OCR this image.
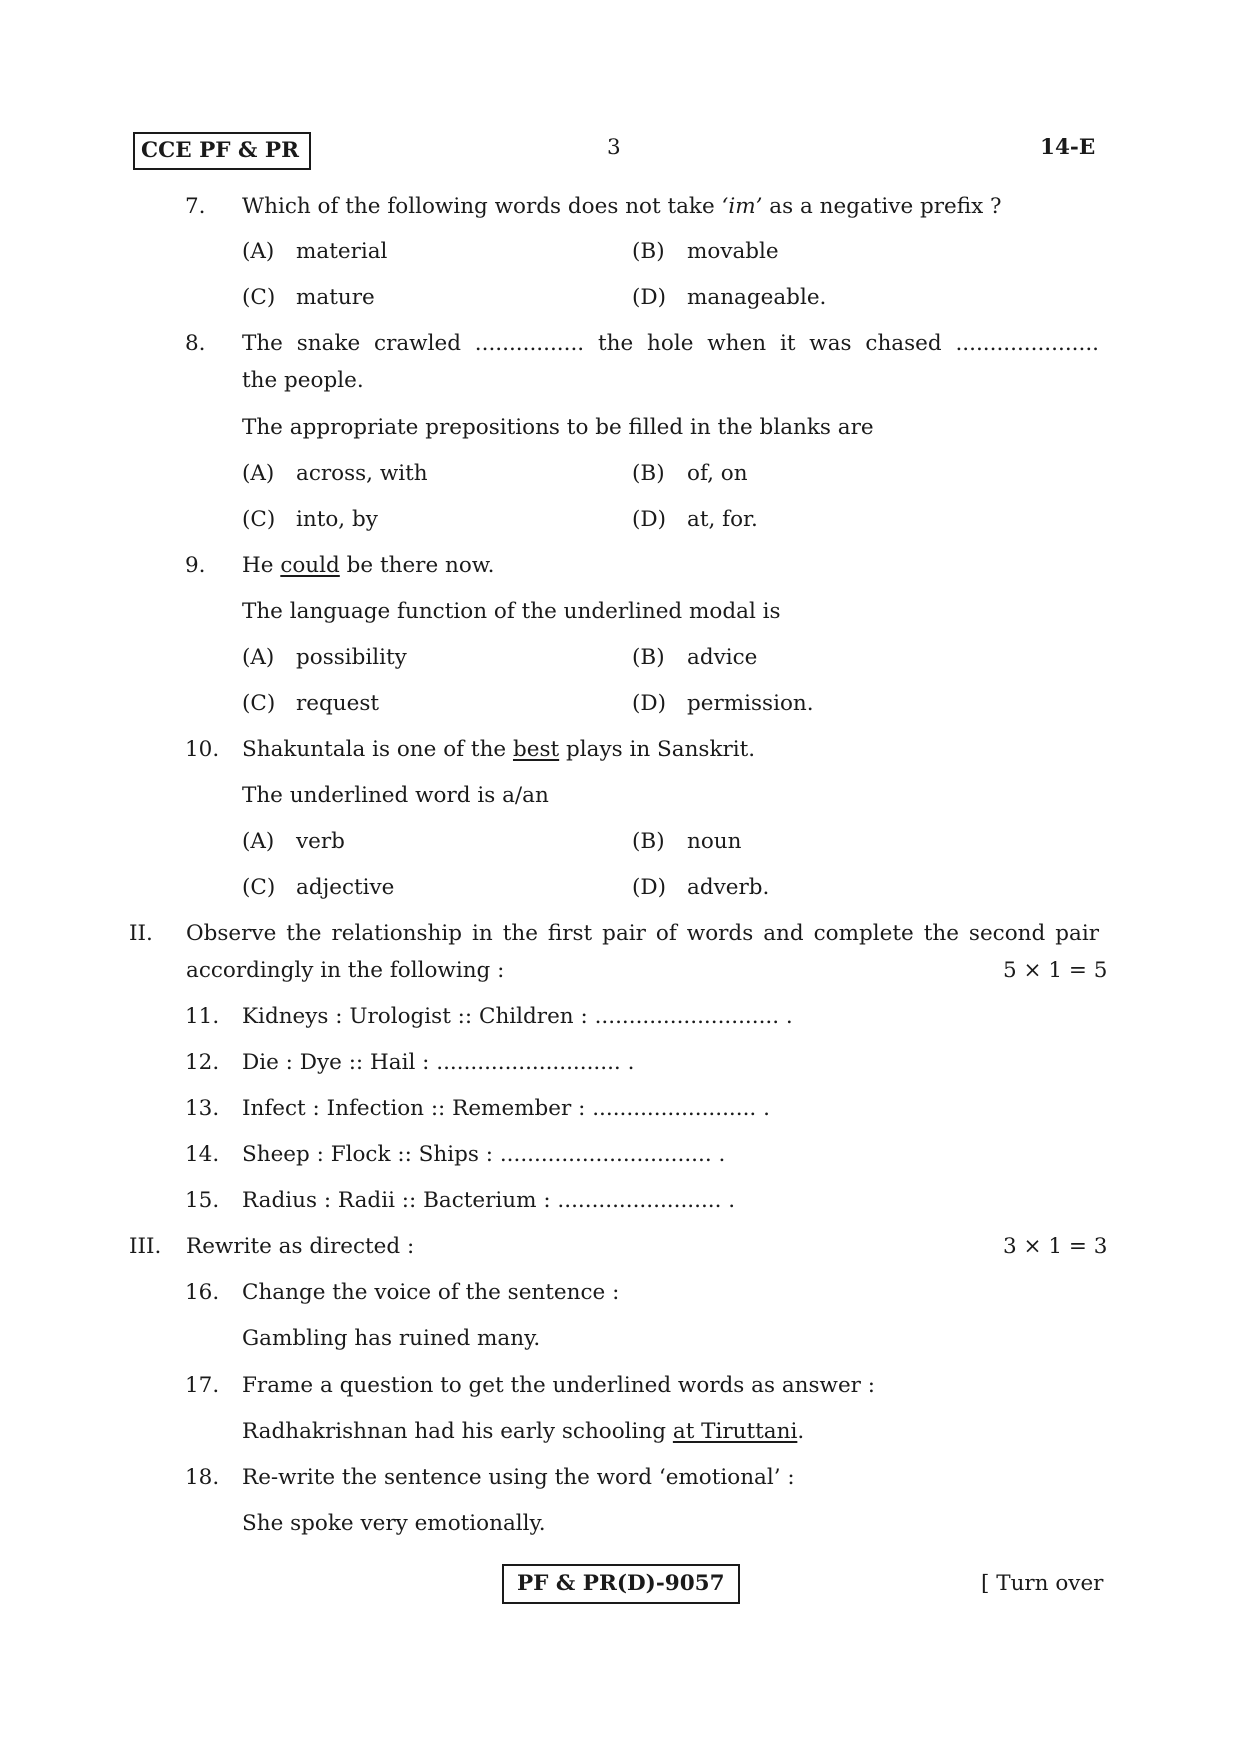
CCE PF & PR	3	14-E
7. Which of the following words does not take ‘im’ as a negative prefix ?
(A) material	(B) movable
(C) mature	(D) manageable.
8. The snake crawled ................ the hole when it was chased .....................
the people.
The appropriate prepositions to be filled in the blanks are
(A) across, with	(B) of, on
(C) into, by	(D) at, for.
9. He could be there now.
The language function of the underlined modal is
(A) possibility	(B) advice
(C) request	(D) permission.
10. Shakuntala is one of the best plays in Sanskrit.
The underlined word is a/an
(A) verb	(B) noun
(C) adjective	(D) adverb.
II. Observe the relationship in the first pair of words and complete the second pair
accordingly in the following :	5 × 1 = 5
11. Kidneys : Urologist :: Children : ........................... .
12. Die : Dye :: Hail : ........................... .
13. Infect : Infection :: Remember : ........................ .
14. Sheep : Flock :: Ships : ............................... .
15. Radius : Radii :: Bacterium : ........................ .
III. Rewrite as directed :	3 × 1 = 3
16. Change the voice of the sentence :
Gambling has ruined many.
17. Frame a question to get the underlined words as answer :
Radhakrishnan had his early schooling at Tiruttani.
18. Re-write the sentence using the word ‘emotional’ :
She spoke very emotionally.
PF & PR(D)-9057	[ Turn over
